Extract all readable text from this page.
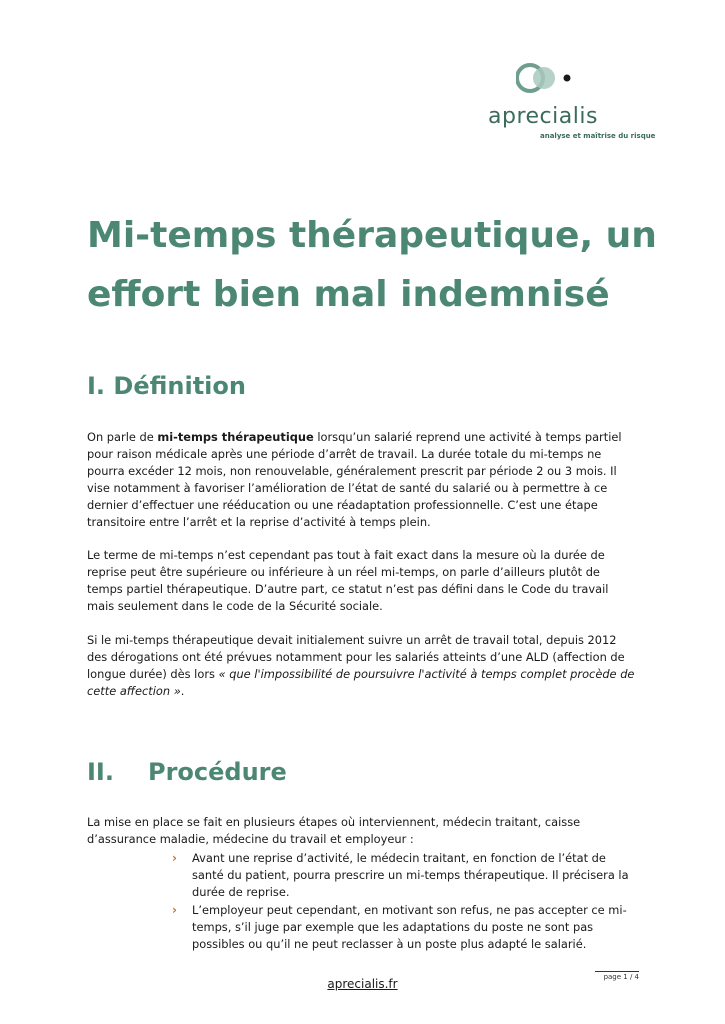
aprecialis
analyse et maîtrise du risque
Mi-temps thérapeutique, un effort bien mal indemnisé
I. Définition

On parle de mi-temps thérapeutique lorsqu’un salarié reprend une activité à temps partiel pour raison médicale après une période d’arrêt de travail. La durée totale du mi-temps ne pourra excéder 12 mois, non renouvelable, généralement prescrit par période 2 ou 3 mois. Il vise notamment à favoriser l’amélioration de l’état de santé du salarié ou à permettre à ce dernier d’effectuer une rééducation ou une réadaptation professionnelle. C’est une étape transitoire entre l’arrêt et la reprise d’activité à temps plein.

Le terme de mi-temps n’est cependant pas tout à fait exact dans la mesure où la durée de reprise peut être supérieure ou inférieure à un réel mi-temps, on parle d’ailleurs plutôt de temps partiel thérapeutique. D’autre part, ce statut n’est pas défini dans le Code du travail mais seulement dans le code de la Sécurité sociale.

Si le mi-temps thérapeutique devait initialement suivre un arrêt de travail total, depuis 2012 des dérogations ont été prévues notamment pour les salariés atteints d’une ALD (affection de longue durée) dès lors « que l'impossibilité de poursuivre l'activité à temps complet procède de cette affection ».

II. Procédure

La mise en place se fait en plusieurs étapes où interviennent, médecin traitant, caisse d’assurance maladie, médecine du travail et employeur :

› Avant une reprise d’activité, le médecin traitant, en fonction de l’état de santé du patient, pourra prescrire un mi-temps thérapeutique. Il précisera la durée de reprise.
› L’employeur peut cependant, en motivant son refus, ne pas accepter ce mi-temps, s’il juge par exemple que les adaptations du poste ne sont pas possibles ou qu’il ne peut reclasser à un poste plus adapté le salarié.
page 1 / 4
aprecialis.fr
